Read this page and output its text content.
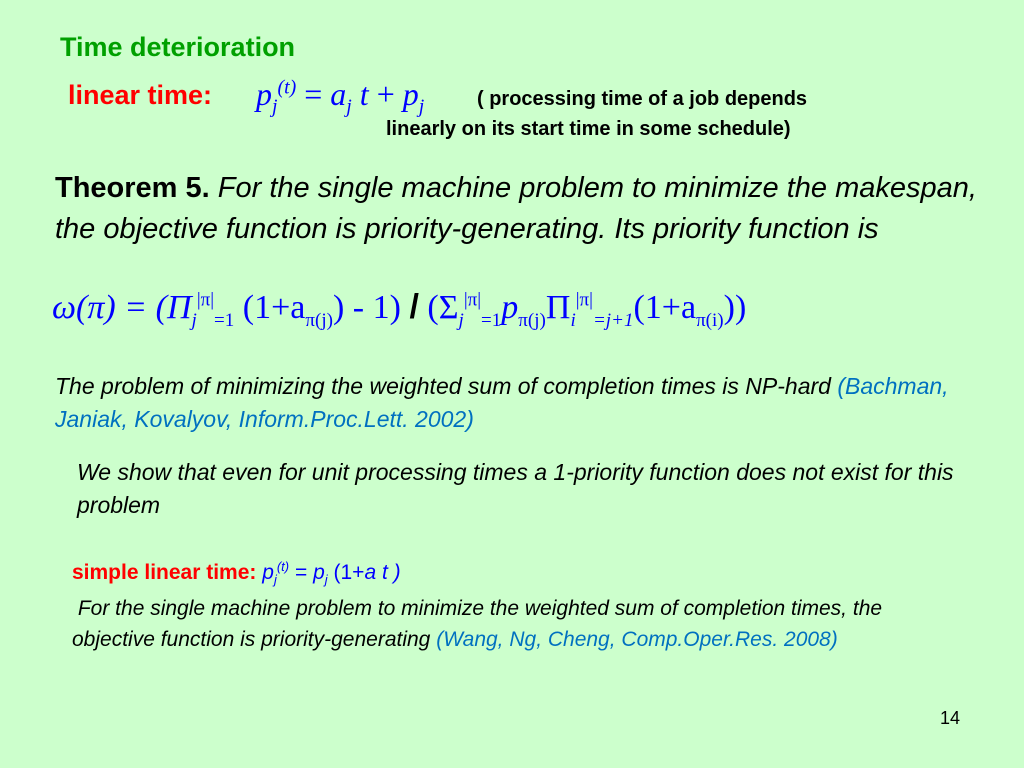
Time deterioration
linear time: $p_j^{(t)} = a_j$ $t + p_j$	( processing time of a job depends
linearly on its start time in some schedule)
Theorem 5. For the single machine problem to minimize the makespan, the objective function is priority-generating. Its priority function is
$\omega(\pi) = (\Pi_j^{|\pi|}_{=1}$ $(1+a_{\pi(j)}) - 1) / (\Sigma_j^{|\pi|}_{=1}p_{\pi(j)}\Pi_i^{|\pi|}_{=j+1}(1+a_{\pi(i)}))$
The problem of minimizing the weighted sum of completion times is NP-hard (Bachman, Janiak, Kovalyov, Inform.Proc.Lett. 2002)
We show that even for unit processing times a 1-priority function does not exist for this problem
simple linear time: $p_j^{(t)} = p_j$ (1+a t )
For the single machine problem to minimize the weighted sum of completion times, the objective function is priority-generating (Wang, Ng, Cheng, Comp.Oper.Res. 2008)
14
